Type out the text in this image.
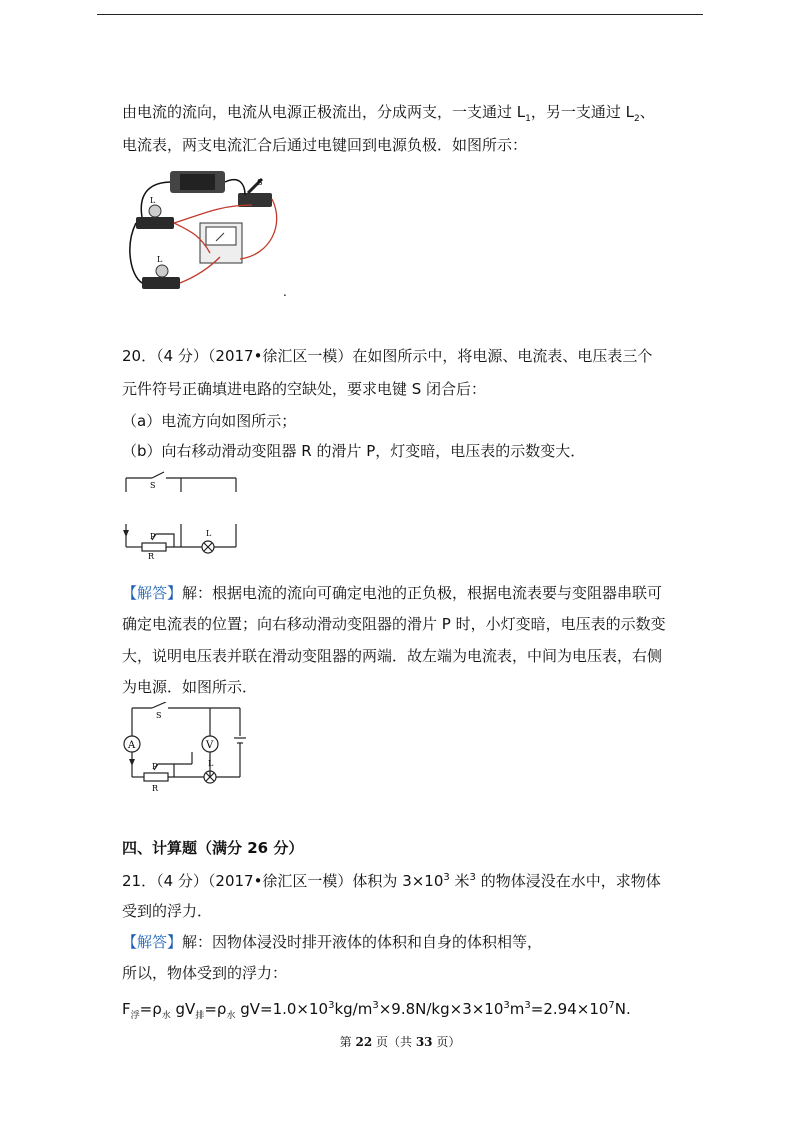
由电流的流向，电流从电源正极流出，分成两支，一支通过 $L_1$，另一支通过 $L_2$、
电流表，两支电流汇合后通过电键回到电源负极．如图所示：
S
L
L
.
20．（4 分）（2017•徐汇区一模）在如图所示中，将电源、电流表、电压表三个
元件符号正确填进电路的空缺处，要求电键 S 闭合后：
（a）电流方向如图所示；
（b）向右移动滑动变阻器 R 的滑片 P，灯变暗，电压表的示数变大．
S
P
R
L
【解答】解：根据电流的流向可确定电池的正负极，根据电流表要与变阻器串联可
确定电流表的位置；向右移动滑动变阻器的滑片 P 时，小灯变暗，电压表的示数变
大，说明电压表并联在滑动变阻器的两端．故左端为电流表，中间为电压表，右侧
为电源．如图所示．
A	V
S
P
R
L
四、计算题（满分 26 分）
21．（4 分）（2017•徐汇区一模）体积为 $3\times 10^3$ 米$^3$ 的物体浸没在水中，求物体
受到的浮力．
【解答】解：因物体浸没时排开液体的体积和自身的体积相等，
所以，物体受到的浮力：
$F_浮=\rho_水$ $gV_排=\rho_水$ $gV=1.0\times 10^3kg/m^3\times 9.8N/kg\times 3\times 10^3m^3=2.94\times 10^7N$.
第 22 页（共 33 页）
